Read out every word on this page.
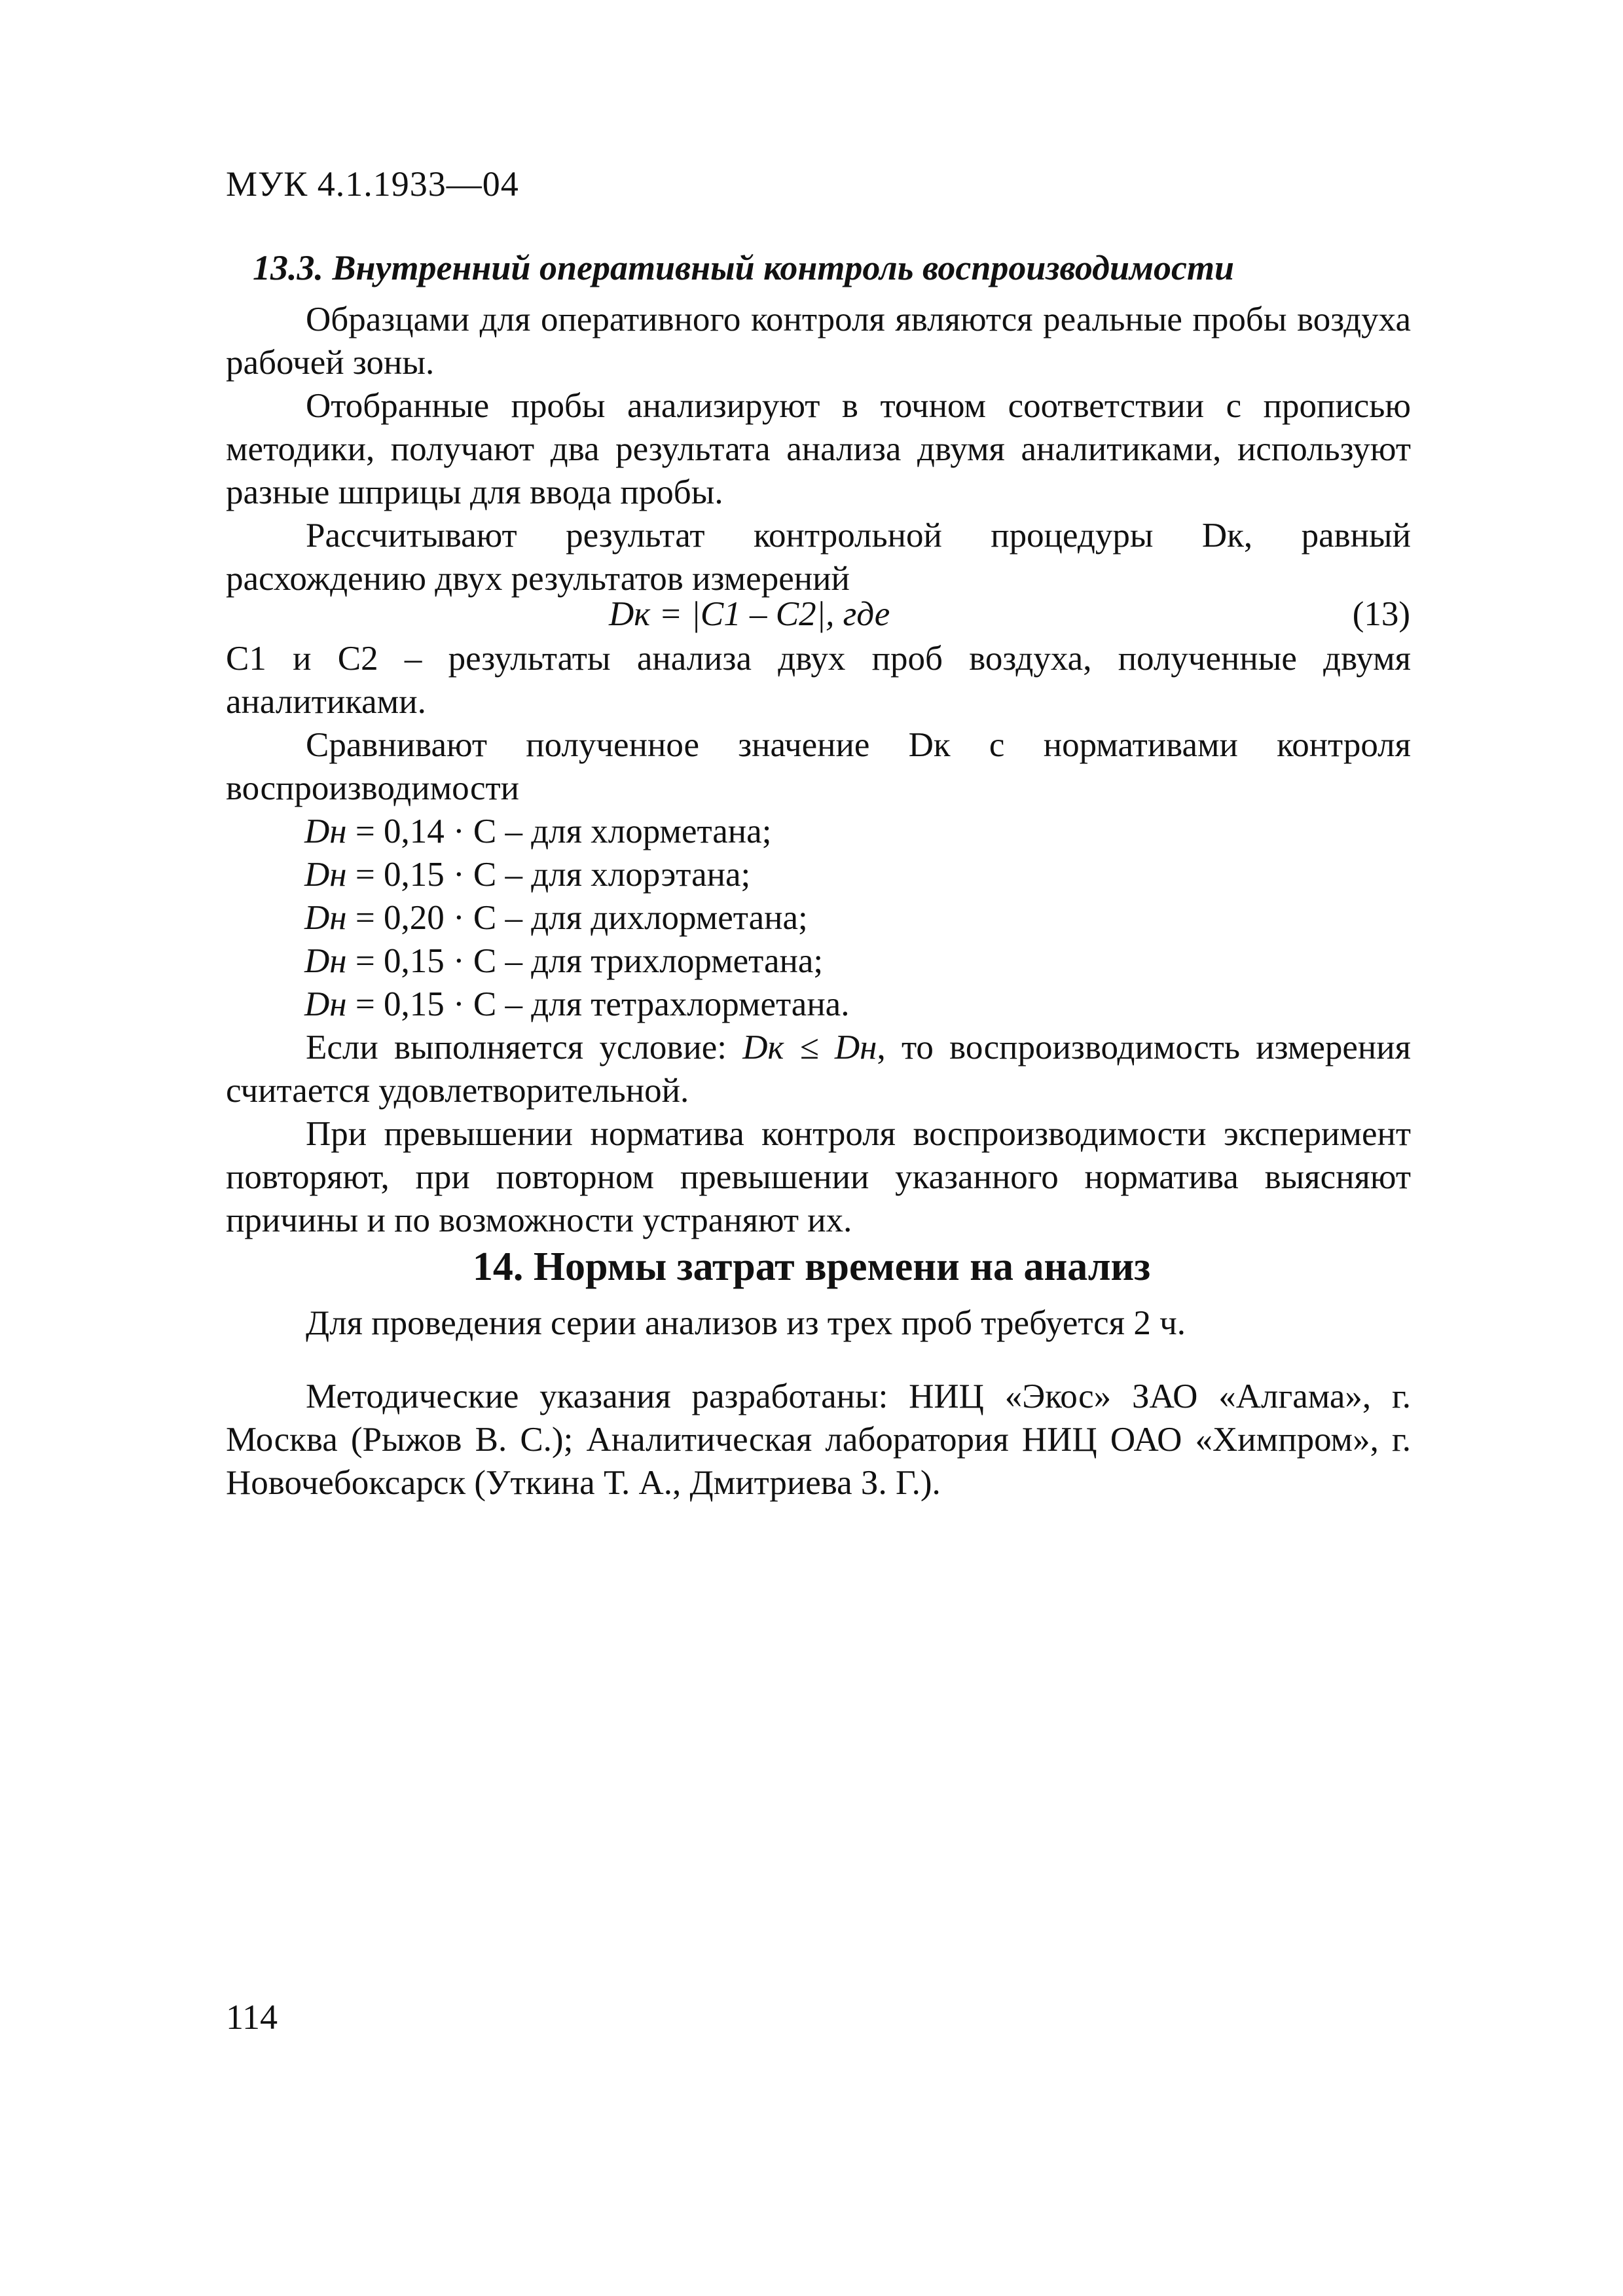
МУК 4.1.1933—04
13.3. Внутренний оперативный контроль воспроизводимости

Образцами для оперативного контроля являются реальные пробы воздуха рабочей зоны.

Отобранные пробы анализируют в точном соответствии с прописью методики, получают два результата анализа двумя аналитиками, используют разные шприцы для ввода пробы.

Рассчитывают результат контрольной процедуры Dк, равный расхождению двух результатов измерений

Dк = |C1 – C2|, где	(13)

C1 и C2 – результаты анализа двух проб воздуха, полученные двумя аналитиками.

Сравнивают полученное значение Dк с нормативами контроля воспроизводимости

Dн = 0,14 · C – для хлорметана;
Dн = 0,15 · C – для хлорэтана;
Dн = 0,20 · C – для дихлорметана;
Dн = 0,15 · C – для трихлорметана;
Dн = 0,15 · C – для тетрахлорметана.

Если выполняется условие: Dк ≤ Dн, то воспроизводимость измерения считается удовлетворительной.

При превышении норматива контроля воспроизводимости эксперимент повторяют, при повторном превышении указанного норматива выясняют причины и по возможности устраняют их.

14. Нормы затрат времени на анализ

Для проведения серии анализов из трех проб требуется 2 ч.

Методические указания разработаны: НИЦ «Экос» ЗАО «Алгама», г. Москва (Рыжов В. С.); Аналитическая лаборатория НИЦ ОАО «Химпром», г. Новочебоксарск (Уткина Т. А., Дмитриева З. Г.).

114
